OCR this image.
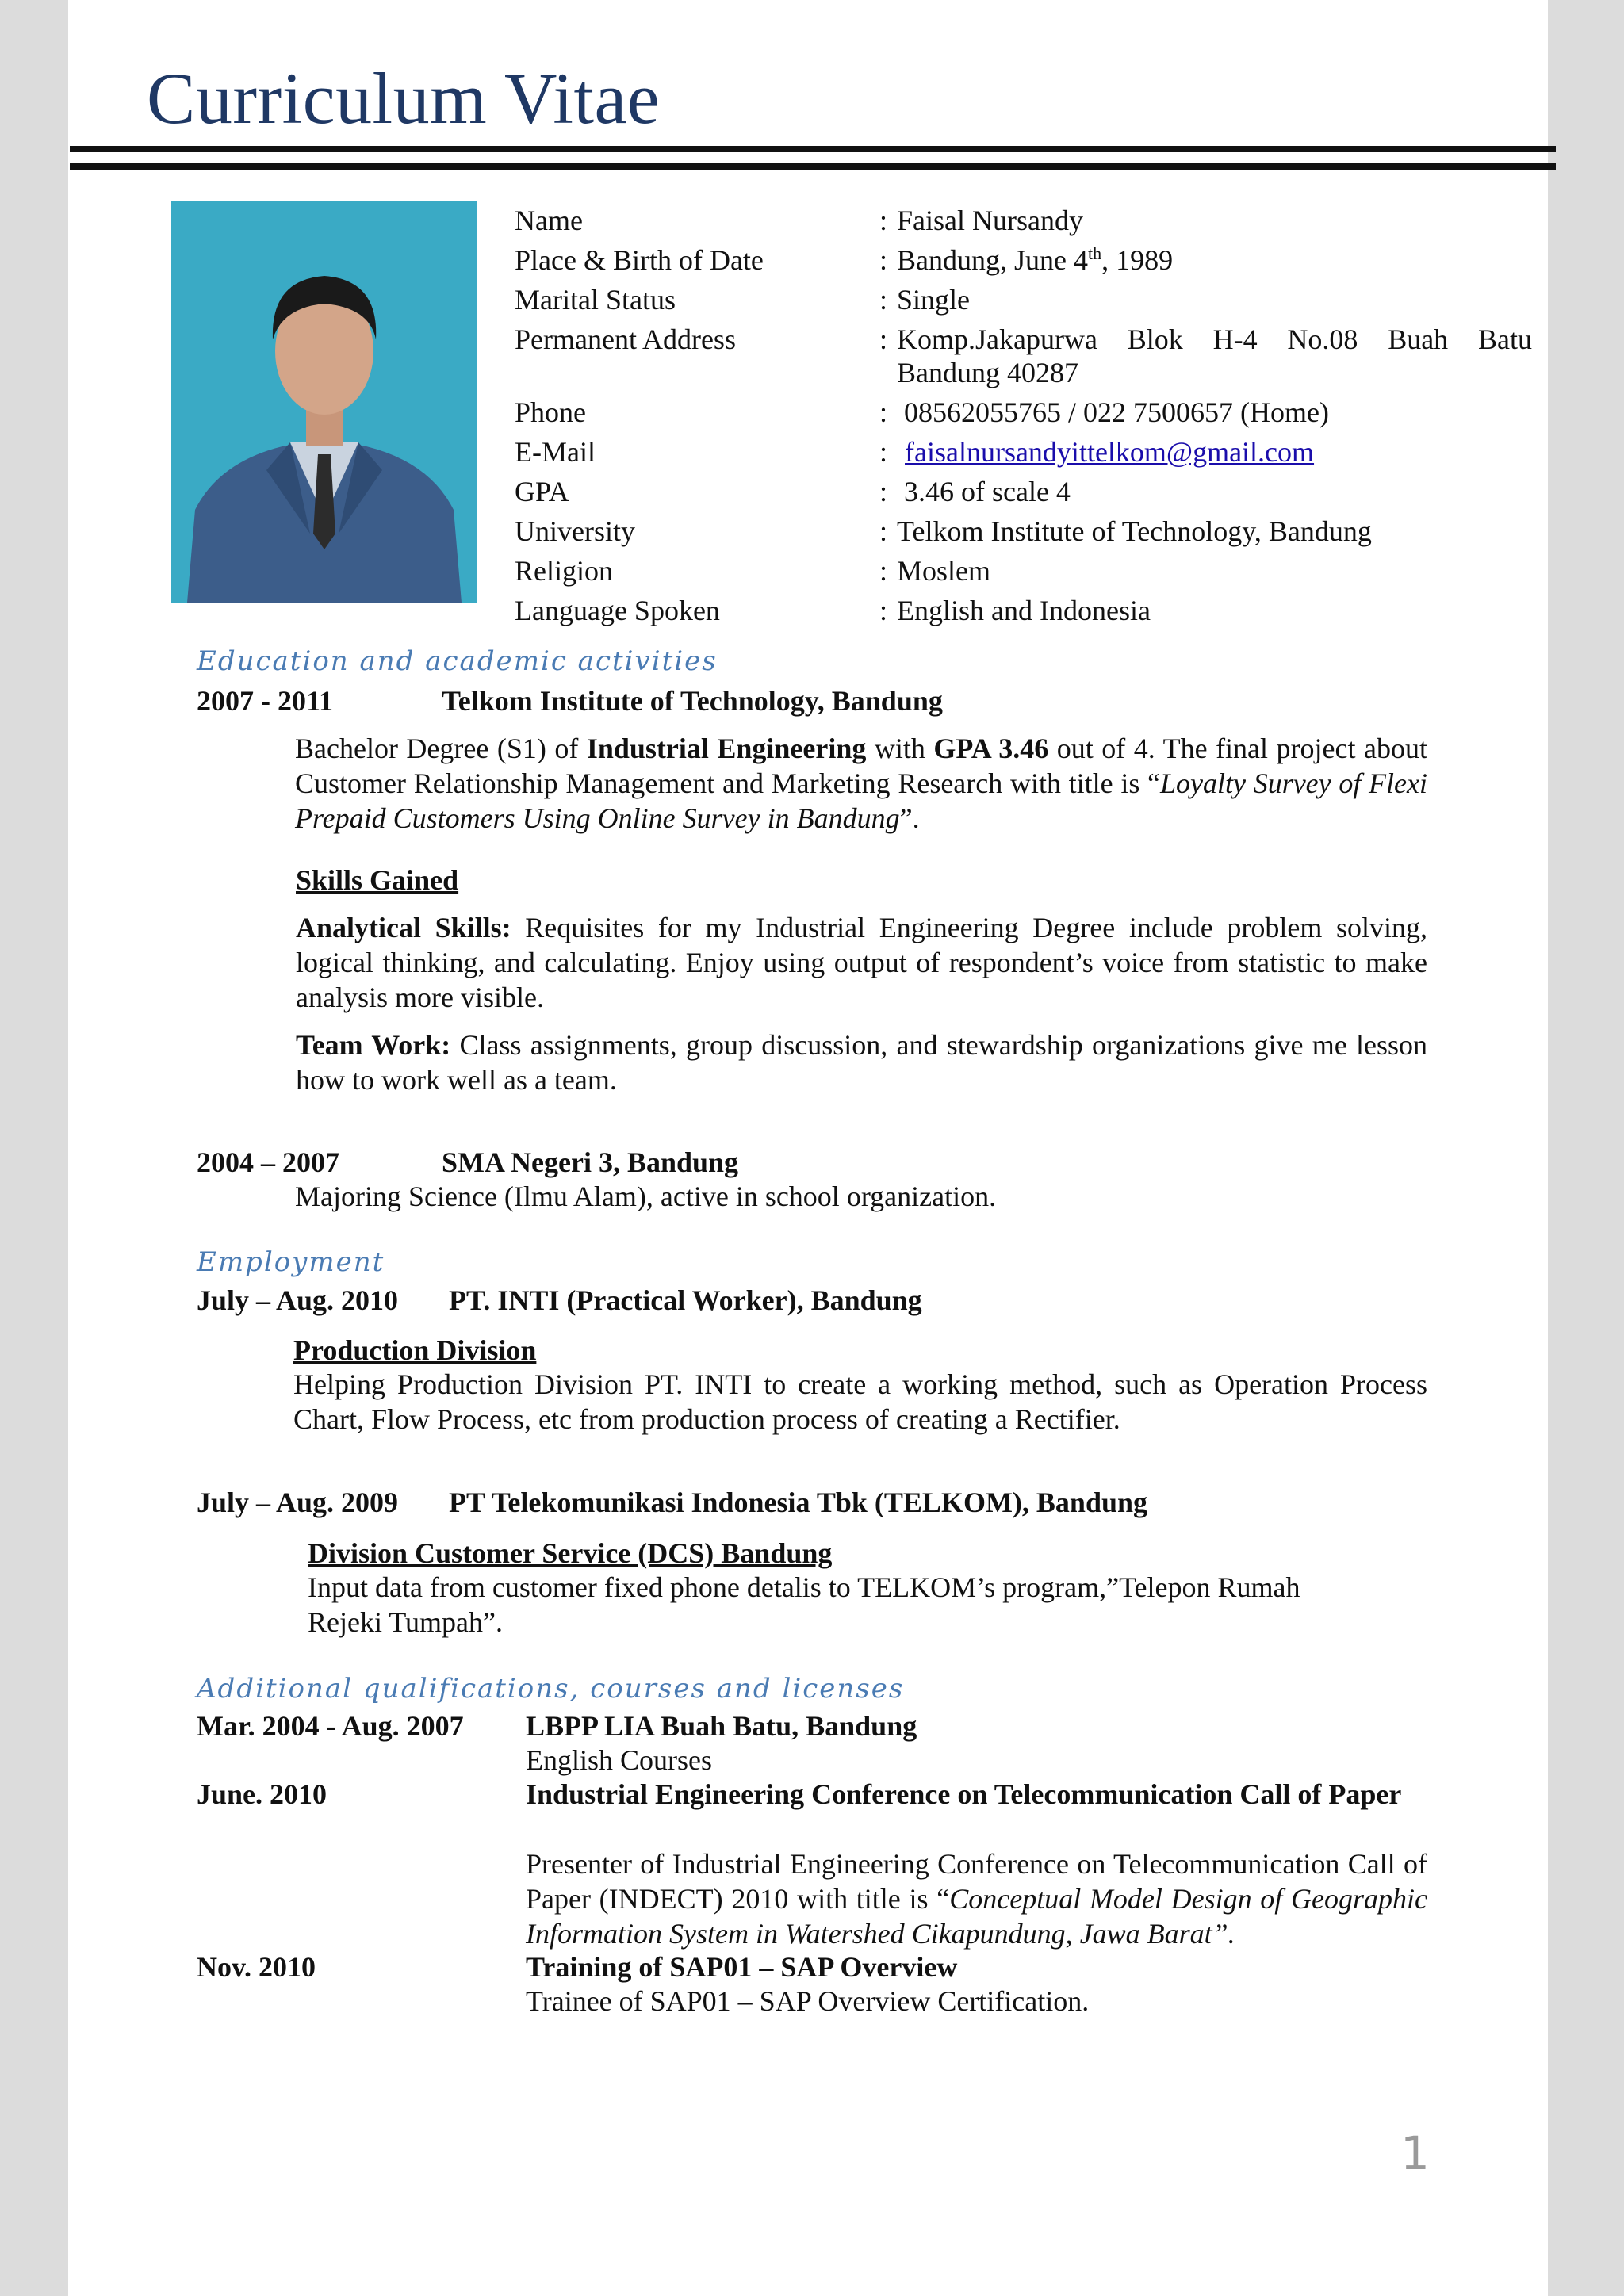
Curriculum Vitae
Name	: Faisal Nursandy
Place & Birth of Date	: Bandung, June 4th, 1989
Marital Status	: Single
Permanent Address	: Komp.Jakapurwa Blok H-4 No.08 Buah Batu
Bandung 40287
Phone	: 08562055765 / 022 7500657 (Home)
E-Mail	: faisalnursandyittelkom@gmail.com
GPA	: 3.46 of scale 4
University	: Telkom Institute of Technology, Bandung
Religion	: Moslem
Language Spoken	: English and Indonesia
Education and academic activities
2007 - 2011	Telkom Institute of Technology, Bandung
Bachelor Degree (S1) of Industrial Engineering with GPA 3.46 out of 4. The final project about Customer Relationship Management and Marketing Research with title is “Loyalty Survey of Flexi Prepaid Customers Using Online Survey in Bandung”.
Skills Gained
Analytical Skills: Requisites for my Industrial Engineering Degree include problem solving, logical thinking, and calculating. Enjoy using output of respondent’s voice from statistic to make analysis more visible.
Team Work: Class assignments, group discussion, and stewardship organizations give me lesson how to work well as a team.
2004 – 2007	SMA Negeri 3, Bandung
Majoring Science (Ilmu Alam), active in school organization.
Employment
July – Aug. 2010 PT. INTI (Practical Worker), Bandung
Production Division
Helping Production Division PT. INTI to create a working method, such as Operation Process Chart, Flow Process, etc from production process of creating a Rectifier.
July – Aug. 2009 PT Telekomunikasi Indonesia Tbk (TELKOM), Bandung
Division Customer Service (DCS) Bandung
Input data from customer fixed phone detalis to TELKOM’s program,”Telepon Rumah Rejeki Tumpah”.
Additional qualifications, courses and licenses
Mar. 2004 - Aug. 2007 LBPP LIA Buah Batu, Bandung
English Courses
June. 2010	Industrial Engineering Conference on Telecommunication Call of Paper
Presenter of Industrial Engineering Conference on Telecommunication Call of Paper (INDECT) 2010 with title is “Conceptual Model Design of Geographic Information System in Watershed Cikapundung, Jawa Barat”.
Nov. 2010	Training of SAP01 – SAP Overview
Trainee of SAP01 – SAP Overview Certification.
1
